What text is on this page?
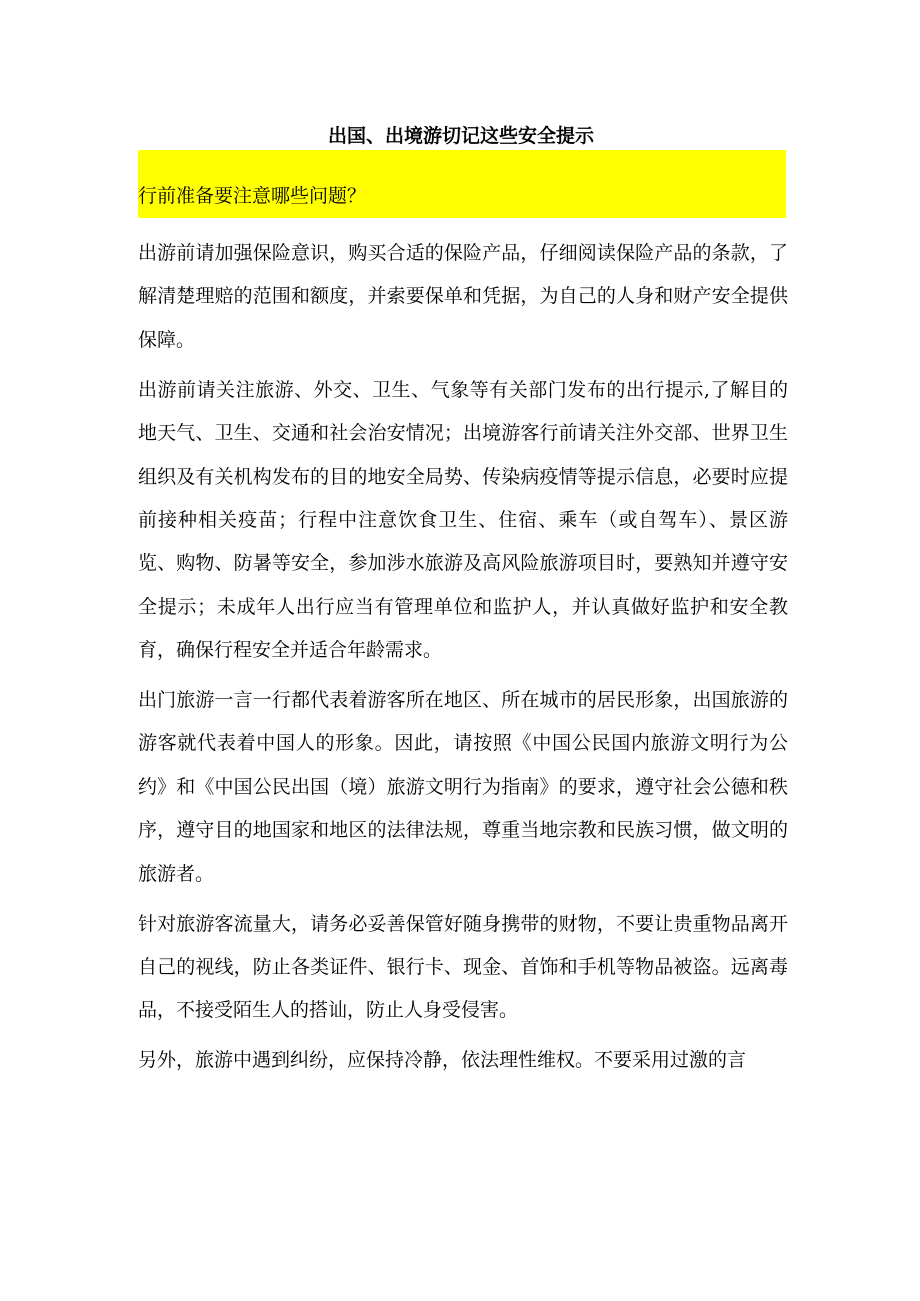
出国、出境游切记这些安全提示

行前准备要注意哪些问题？

出游前请加强保险意识，购买合适的保险产品，仔细阅读保险产品的条款，了解清楚理赔的范围和额度，并索要保单和凭据，为自己的人身和财产安全提供保障。

出游前请关注旅游、外交、卫生、气象等有关部门发布的出行提示,了解目的地天气、卫生、交通和社会治安情况；出境游客行前请关注外交部、世界卫生组织及有关机构发布的目的地安全局势、传染病疫情等提示信息，必要时应提前接种相关疫苗；行程中注意饮食卫生、住宿、乘车（或自驾车）、景区游览、购物、防暑等安全，参加涉水旅游及高风险旅游项目时，要熟知并遵守安全提示；未成年人出行应当有管理单位和监护人，并认真做好监护和安全教育，确保行程安全并适合年龄需求。

出门旅游一言一行都代表着游客所在地区、所在城市的居民形象，出国旅游的游客就代表着中国人的形象。因此，请按照《中国公民国内旅游文明行为公约》和《中国公民出国（境）旅游文明行为指南》的要求，遵守社会公德和秩序，遵守目的地国家和地区的法律法规，尊重当地宗教和民族习惯，做文明的旅游者。

针对旅游客流量大，请务必妥善保管好随身携带的财物，不要让贵重物品离开自己的视线，防止各类证件、银行卡、现金、首饰和手机等物品被盗。远离毒品，不接受陌生人的搭讪，防止人身受侵害。

另外，旅游中遇到纠纷，应保持冷静，依法理性维权。不要采用过激的言
